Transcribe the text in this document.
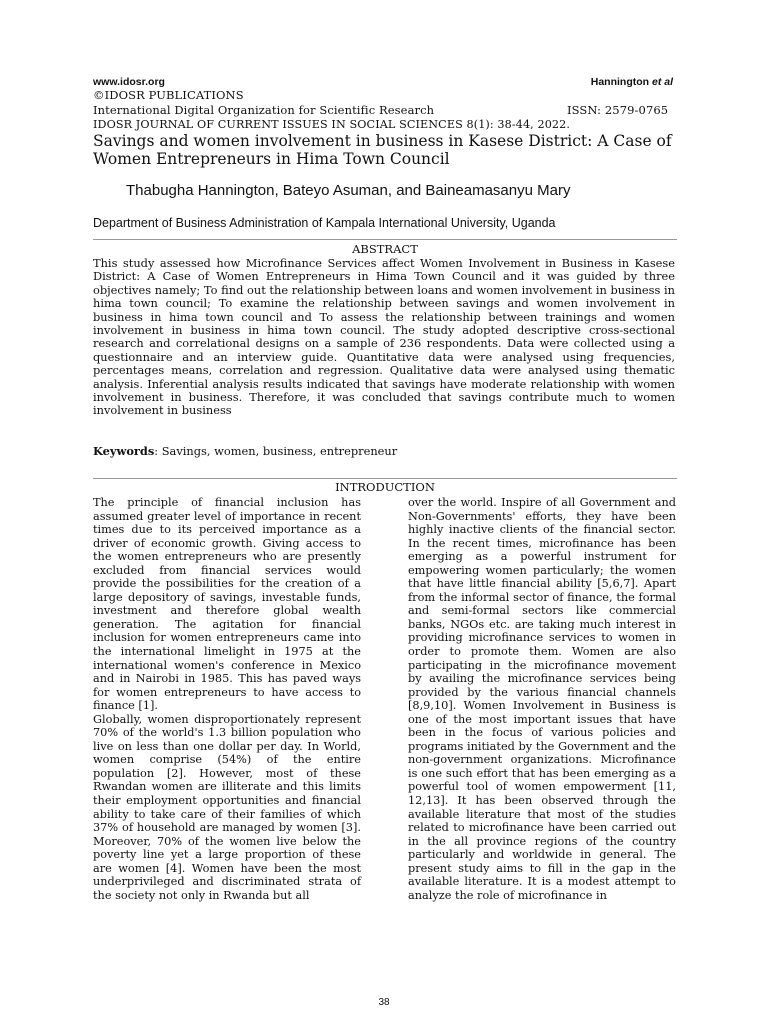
www.idosr.org	Hannington et al
©IDOSR PUBLICATIONS
International Digital Organization for Scientific Research	ISSN: 2579-0765
IDOSR JOURNAL OF CURRENT ISSUES IN SOCIAL SCIENCES 8(1): 38-44, 2022.
Savings and women involvement in business in Kasese District: A Case of
Women Entrepreneurs in Hima Town Council
Thabugha Hannington, Bateyo Asuman, and Baineamasanyu Mary
Department of Business Administration of Kampala International University, Uganda
ABSTRACT
This study assessed how Microfinance Services affect Women Involvement in Business in Kasese District: A Case of Women Entrepreneurs in Hima Town Council and it was guided by three objectives namely; To find out the relationship between loans and women involvement in business in hima town council; To examine the relationship between savings and women involvement in business in hima town council and To assess the relationship between trainings and women involvement in business in hima town council. The study adopted descriptive cross-sectional research and correlational designs on a sample of 236 respondents. Data were collected using a questionnaire and an interview guide. Quantitative data were analysed using frequencies, percentages means, correlation and regression. Qualitative data were analysed using thematic analysis. Inferential analysis results indicated that savings have moderate relationship with women involvement in business. Therefore, it was concluded that savings contribute much to women involvement in business
Keywords: Savings, women, business, entrepreneur
INTRODUCTION

The principle of financial inclusion has assumed greater level of importance in recent times due to its perceived importance as a driver of economic growth. Giving access to the women entrepreneurs who are presently excluded from financial services would provide the possibilities for the creation of a large depository of savings, investable funds, investment and therefore global wealth generation. The agitation for financial inclusion for women entrepreneurs came into the international limelight in 1975 at the international women's conference in Mexico and in Nairobi in 1985. This has paved ways for women entrepreneurs to have access to finance [1].

Globally, women disproportionately represent 70% of the world's 1.3 billion population who live on less than one dollar per day. In World, women comprise (54%) of the entire population [2]. However, most of these Rwandan women are illiterate and this limits their employment opportunities and financial ability to take care of their families of which 37% of household are managed by women [3]. Moreover, 70% of the women live below the poverty line yet a large proportion of these are women [4]. Women have been the most underprivileged and discriminated strata of the society not only in Rwanda but all

over the world. Inspire of all Government and Non-Governments' efforts, they have been highly inactive clients of the financial sector. In the recent times, microfinance has been emerging as a powerful instrument for empowering women particularly; the women that have little financial ability [5,6,7]. Apart from the informal sector of finance, the formal and semi-formal sectors like commercial banks, NGOs etc. are taking much interest in providing microfinance services to women in order to promote them. Women are also participating in the microfinance movement by availing the microfinance services being provided by the various financial channels [8,9,10]. Women Involvement in Business is one of the most important issues that have been in the focus of various policies and programs initiated by the Government and the non-government organizations. Microfinance is one such effort that has been emerging as a powerful tool of women empowerment [11, 12,13]. It has been observed through the available literature that most of the studies related to microfinance have been carried out in the all province regions of the country particularly and worldwide in general. The present study aims to fill in the gap in the available literature. It is a modest attempt to analyze the role of microfinance in

38
